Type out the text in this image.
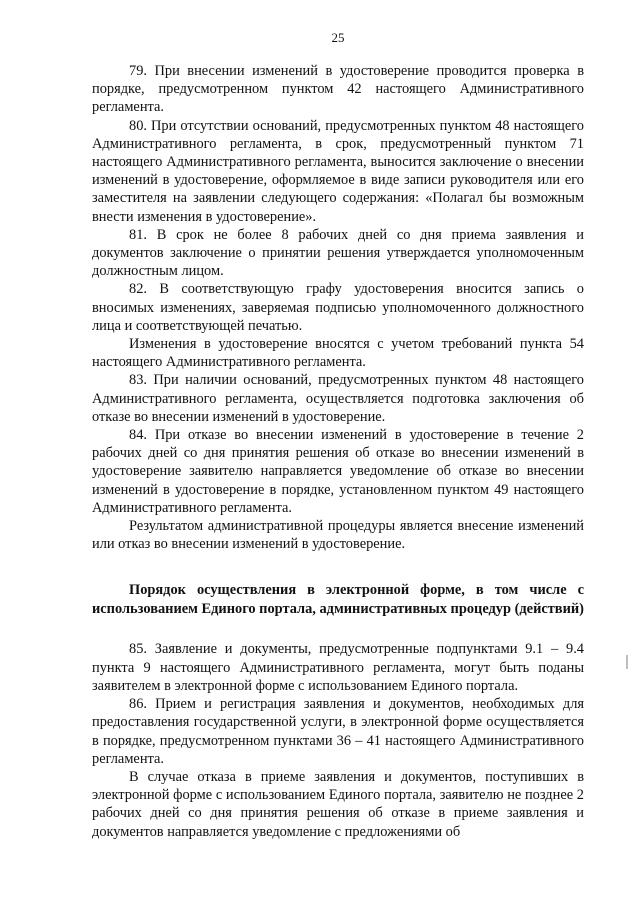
25

79. При внесении изменений в удостоверение проводится проверка в порядке, предусмотренном пунктом 42 настоящего Административного регламента.

80. При отсутствии оснований, предусмотренных пунктом 48 настоящего Административного регламента, в срок, предусмотренный пунктом 71 настоящего Административного регламента, выносится заключение о внесении изменений в удостоверение, оформляемое в виде записи руководителя или его заместителя на заявлении следующего содержания: «Полагал бы возможным внести изменения в удостоверение».

81. В срок не более 8 рабочих дней со дня приема заявления и документов заключение о принятии решения утверждается уполномоченным должностным лицом.

82. В соответствующую графу удостоверения вносится запись о вносимых изменениях, заверяемая подписью уполномоченного должностного лица и соответствующей печатью.

Изменения в удостоверение вносятся с учетом требований пункта 54 настоящего Административного регламента.

83. При наличии оснований, предусмотренных пунктом 48 настоящего Административного регламента, осуществляется подготовка заключения об отказе во внесении изменений в удостоверение.

84. При отказе во внесении изменений в удостоверение в течение 2 рабочих дней со дня принятия решения об отказе во внесении изменений в удостоверение заявителю направляется уведомление об отказе во внесении изменений в удостоверение в порядке, установленном пунктом 49 настоящего Административного регламента.

Результатом административной процедуры является внесение изменений или отказ во внесении изменений в удостоверение.

Порядок осуществления в электронной форме, в том числе с использованием Единого портала, административных процедур (действий)

85. Заявление и документы, предусмотренные подпунктами 9.1 – 9.4 пункта 9 настоящего Административного регламента, могут быть поданы заявителем в электронной форме с использованием Единого портала.

86. Прием и регистрация заявления и документов, необходимых для предоставления государственной услуги, в электронной форме осуществляется в порядке, предусмотренном пунктами 36 – 41 настоящего Административного регламента.

В случае отказа в приеме заявления и документов, поступивших в электронной форме с использованием Единого портала, заявителю не позднее 2 рабочих дней со дня принятия решения об отказе в приеме заявления и документов направляется уведомление с предложениями об
